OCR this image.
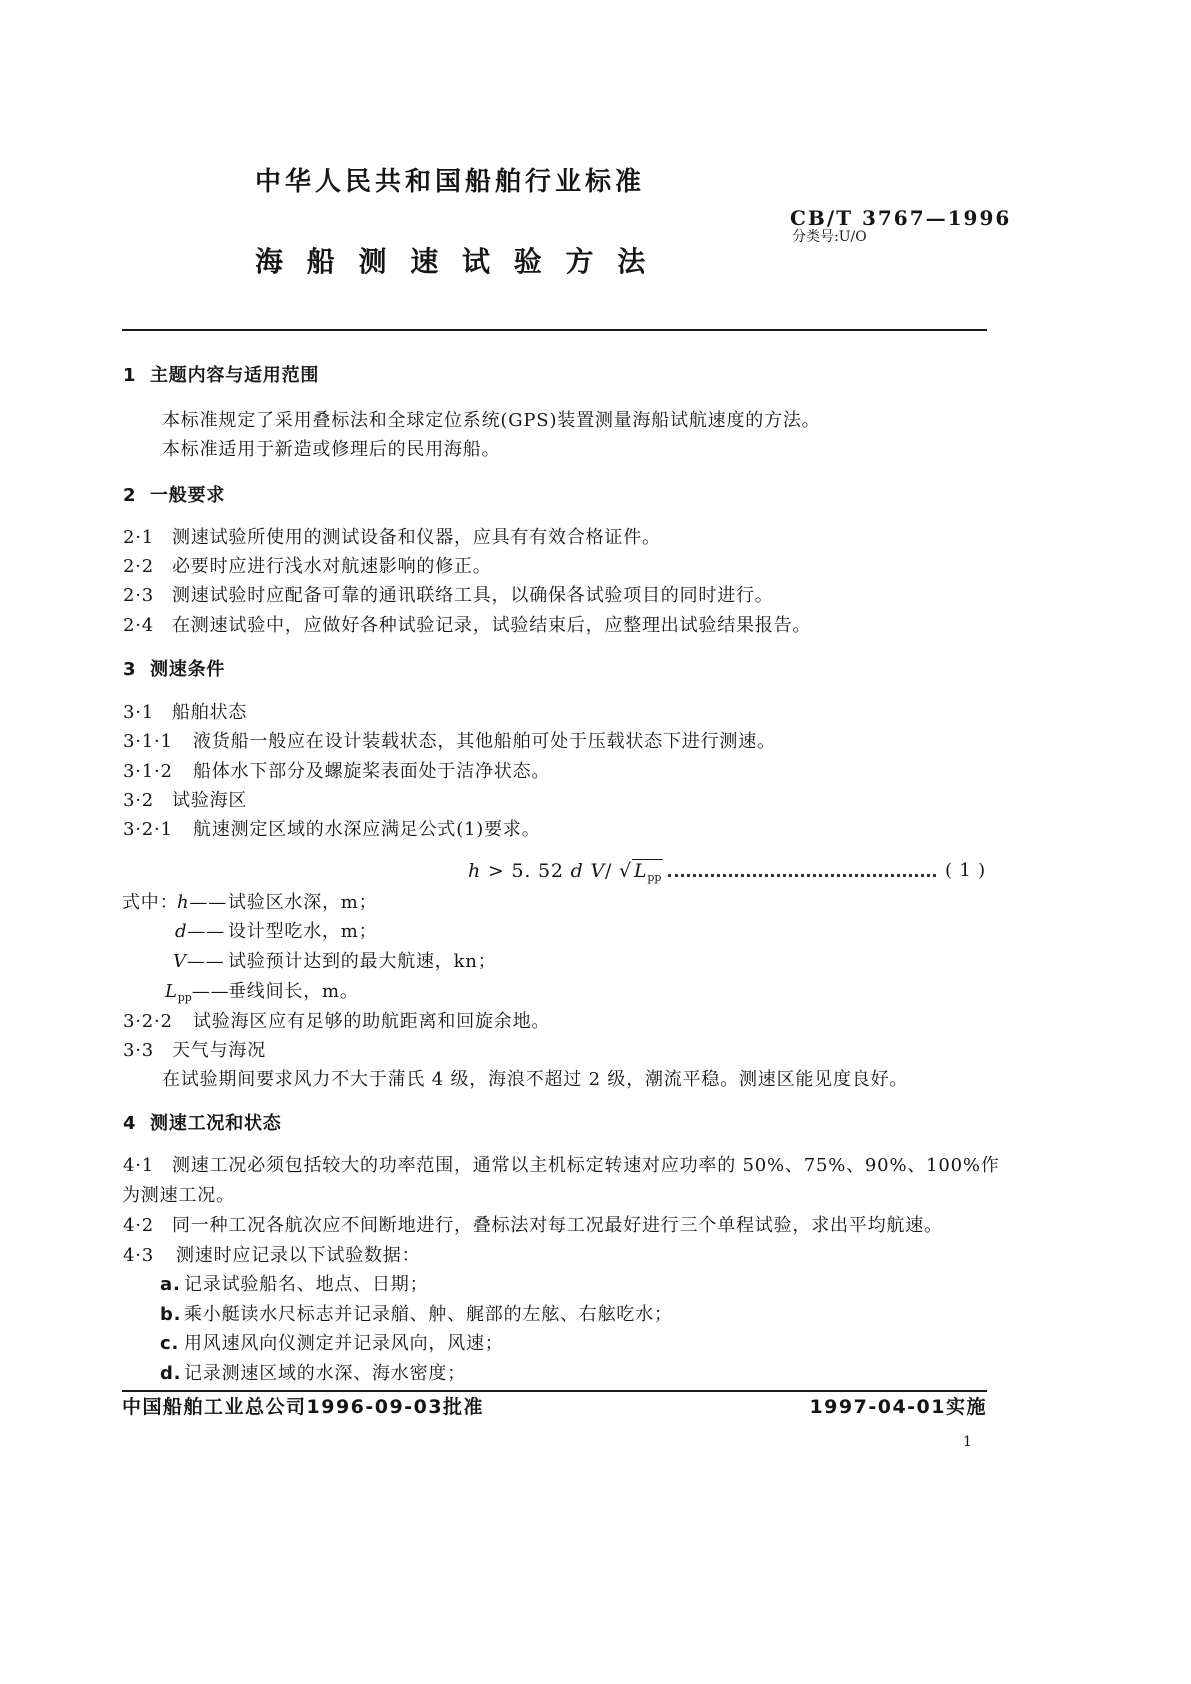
中华人民共和国船舶行业标准
CB/T 3767—1996
分类号:U/O
海 船 测 速 试 验 方 法
1 主题内容与适用范围
本标准规定了采用叠标法和全球定位系统(GPS)装置测量海船试航速度的方法。
本标准适用于新造或修理后的民用海船。
2 一般要求
2·1 测速试验所使用的测试设备和仪器，应具有有效合格证件。
2·2 必要时应进行浅水对航速影响的修正。
2·3 测速试验时应配备可靠的通讯联络工具，以确保各试验项目的同时进行。
2·4 在测速试验中，应做好各种试验记录，试验结束后，应整理出试验结果报告。
3 测速条件
3·1 船舶状态
3·1·1 液货船一般应在设计装载状态，其他船舶可处于压载状态下进行测速。
3·1·2 船体水下部分及螺旋桨表面处于洁净状态。
3·2 试验海区
3·2·1 航速测定区域的水深应满足公式(1)要求。
h > 5. 52 d V/ √ $L_{pp}$	( 1 )
式中：
h—— 试验区水深，m；
d—— 设计型吃水，m；
V—— 试验预计达到的最大航速，kn；
$L_{pp}——$
垂线间长，m。
3·2·2 试验海区应有足够的助航距离和回旋余地。
3·3 天气与海况
在试验期间要求风力不大于蒲氏 4 级，海浪不超过 2 级，潮流平稳。测速区能见度良好。
4 测速工况和状态
4·1 测速工况必须包括较大的功率范围，通常以主机标定转速对应功率的 50%、75%、90%、100%作
为测速工况。
4·2 同一种工况各航次应不间断地进行，叠标法对每工况最好进行三个单程试验，求出平均航速。
4·3 测速时应记录以下试验数据：
a. 记录试验船名、地点、日期；
b. 乘小艇读水尺标志并记录艏、舯、艉部的左舷、右舷吃水；
c. 用风速风向仪测定并记录风向，风速；
d. 记录测速区域的水深、海水密度；
中国船舶工业总公司1996-09-03批准	1997-04-01实施
1
